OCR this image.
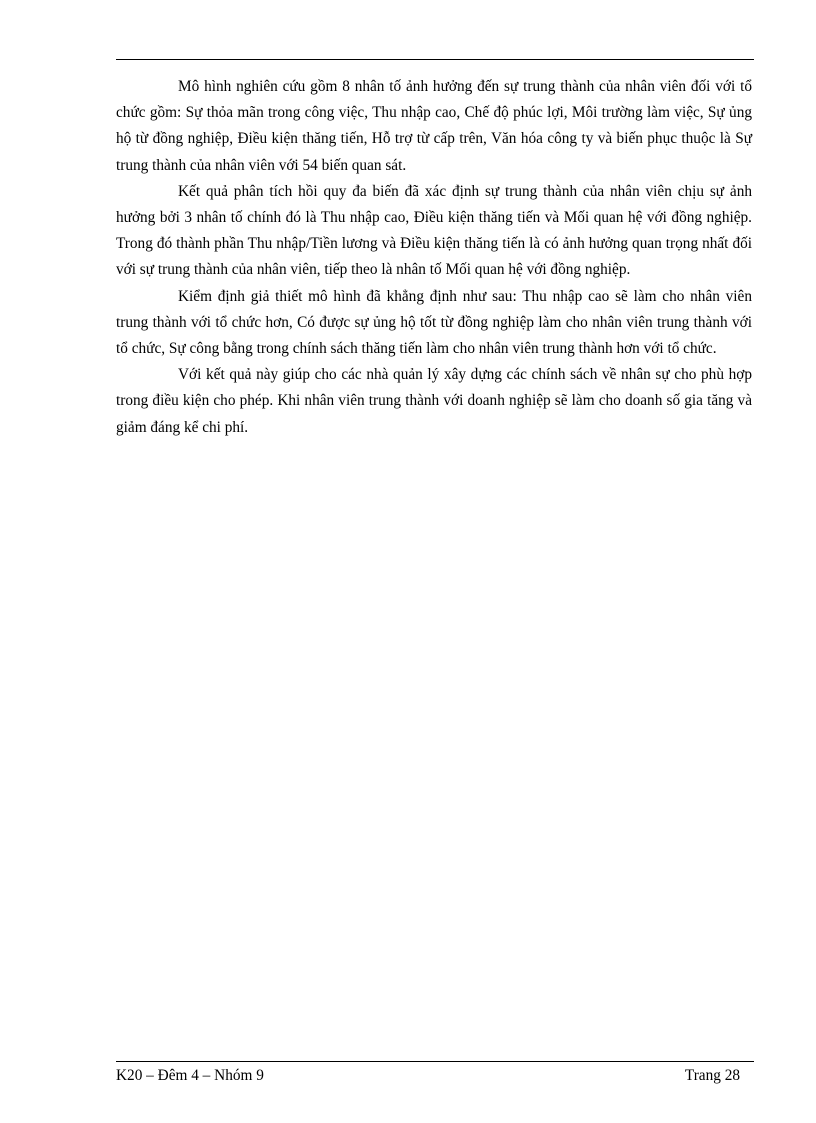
Mô hình nghiên cứu gồm 8 nhân tố ảnh hưởng đến sự trung thành của nhân viên đối với tổ chức gồm: Sự thỏa mãn trong công việc, Thu nhập cao, Chế độ phúc lợi, Môi trường làm việc, Sự ủng hộ từ đồng nghiệp, Điều kiện thăng tiến, Hỗ trợ từ cấp trên, Văn hóa công ty và biến phục thuộc là Sự trung thành của nhân viên với 54 biến quan sát.

Kết quả phân tích hồi quy đa biến đã xác định sự trung thành của nhân viên chịu sự ảnh hưởng bởi 3 nhân tố chính đó là Thu nhập cao, Điều kiện thăng tiến và Mối quan hệ với đồng nghiệp. Trong đó thành phần Thu nhập/Tiền lương và Điều kiện thăng tiến là có ảnh hưởng quan trọng nhất đối với sự trung thành của nhân viên, tiếp theo là nhân tố Mối quan hệ với đồng nghiệp.

Kiểm định giả thiết mô hình đã khẳng định như sau: Thu nhập cao sẽ làm cho nhân viên trung thành với tổ chức hơn, Có được sự ủng hộ tốt từ đồng nghiệp làm cho nhân viên trung thành với tổ chức, Sự công bằng trong chính sách thăng tiến làm cho nhân viên trung thành hơn với tổ chức.

Với kết quả này giúp cho các nhà quản lý xây dựng các chính sách về nhân sự cho phù hợp trong điều kiện cho phép. Khi nhân viên trung thành với doanh nghiệp sẽ làm cho doanh số gia tăng và giảm đáng kể chi phí.

K20 – Đêm 4 – Nhóm 9	Trang 28
